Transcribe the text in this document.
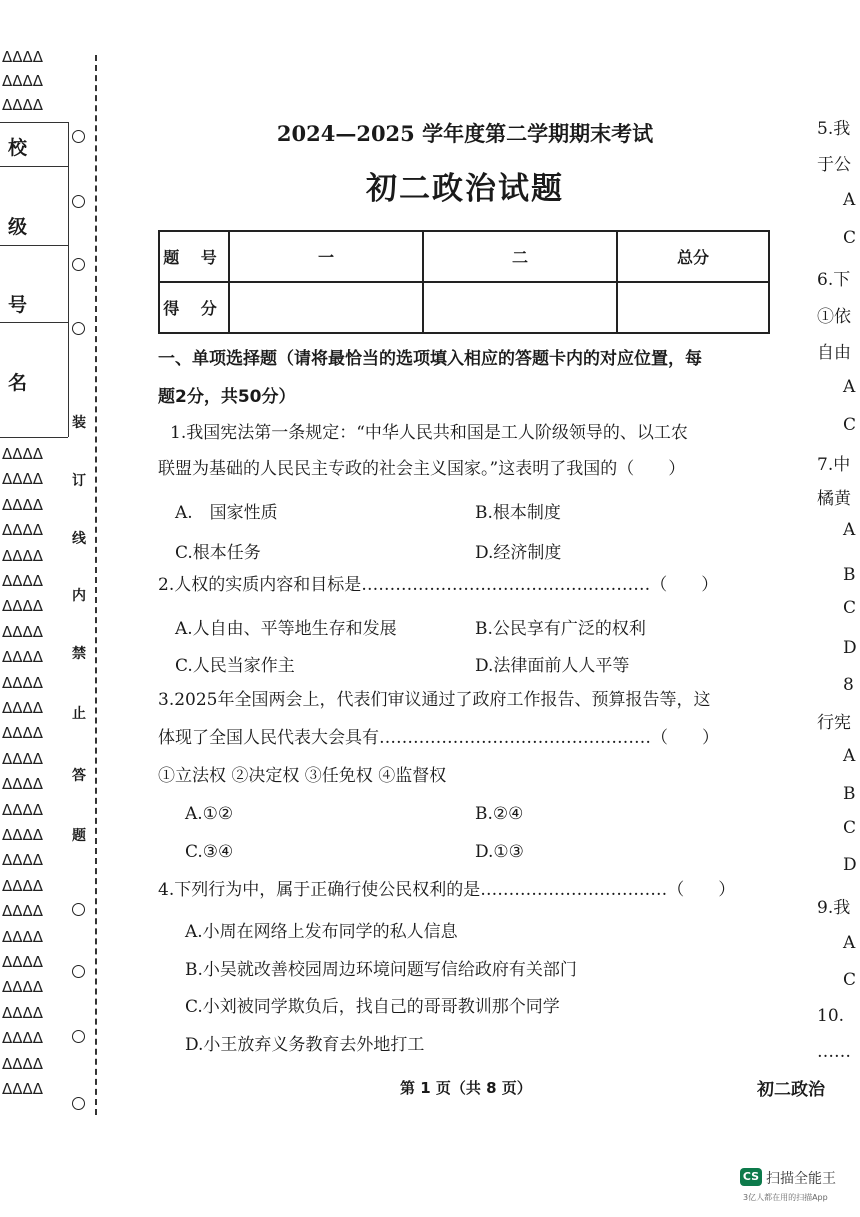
ΔΔΔΔ
ΔΔΔΔ
ΔΔΔΔ
校
级
号
名
装
订
线
内
禁
止
答
题
ΔΔΔΔ
ΔΔΔΔ
ΔΔΔΔ
ΔΔΔΔ
ΔΔΔΔ
ΔΔΔΔ
ΔΔΔΔ
ΔΔΔΔ
ΔΔΔΔ
ΔΔΔΔ
ΔΔΔΔ
ΔΔΔΔ
ΔΔΔΔ
ΔΔΔΔ
ΔΔΔΔ
ΔΔΔΔ
ΔΔΔΔ
ΔΔΔΔ
ΔΔΔΔ
ΔΔΔΔ
ΔΔΔΔ
ΔΔΔΔ
ΔΔΔΔ
ΔΔΔΔ
ΔΔΔΔ
ΔΔΔΔ
2024—2025 学年度第二学期期末考试
初二政治试题
题 号	一	二	总分
得 分			
一、单项选择题（请将最恰当的选项填入相应的答题卡内的对应位置，每
题2分，共50分）
1.我国宪法第一条规定：“中华人民共和国是工人阶级领导的、以工农
联盟为基础的人民民主专政的社会主义国家。”这表明了我国的（　　）
A.　国家性质	B.根本制度
C.根本任务	D.经济制度
2.人权的实质内容和目标是……………………………………………（　　）
A.人自由、平等地生存和发展	B.公民享有广泛的权利
C.人民当家作主	D.法律面前人人平等
3.2025年全国两会上，代表们审议通过了政府工作报告、预算报告等，这
体现了全国人民代表大会具有…………………………………………（　　）
①立法权 ②决定权 ③任免权 ④监督权
A.①②	B.②④
C.③④	D.①③
4.下列行为中，属于正确行使公民权利的是……………………………（　　）
A.小周在网络上发布同学的私人信息
B.小吴就改善校园周边环境问题写信给政府有关部门
C.小刘被同学欺负后，找自己的哥哥教训那个同学
D.小王放弃义务教育去外地打工
第 1 页（共 8 页）	初二政治
5.我
于公
A
C
6.下
①依
自由
A
C
7.中
橘黄
A
B
C
D
8
行宪
A
B
C
D
9.我
A
C
10.
……
CS 扫描全能王
3亿人都在用的扫描App
